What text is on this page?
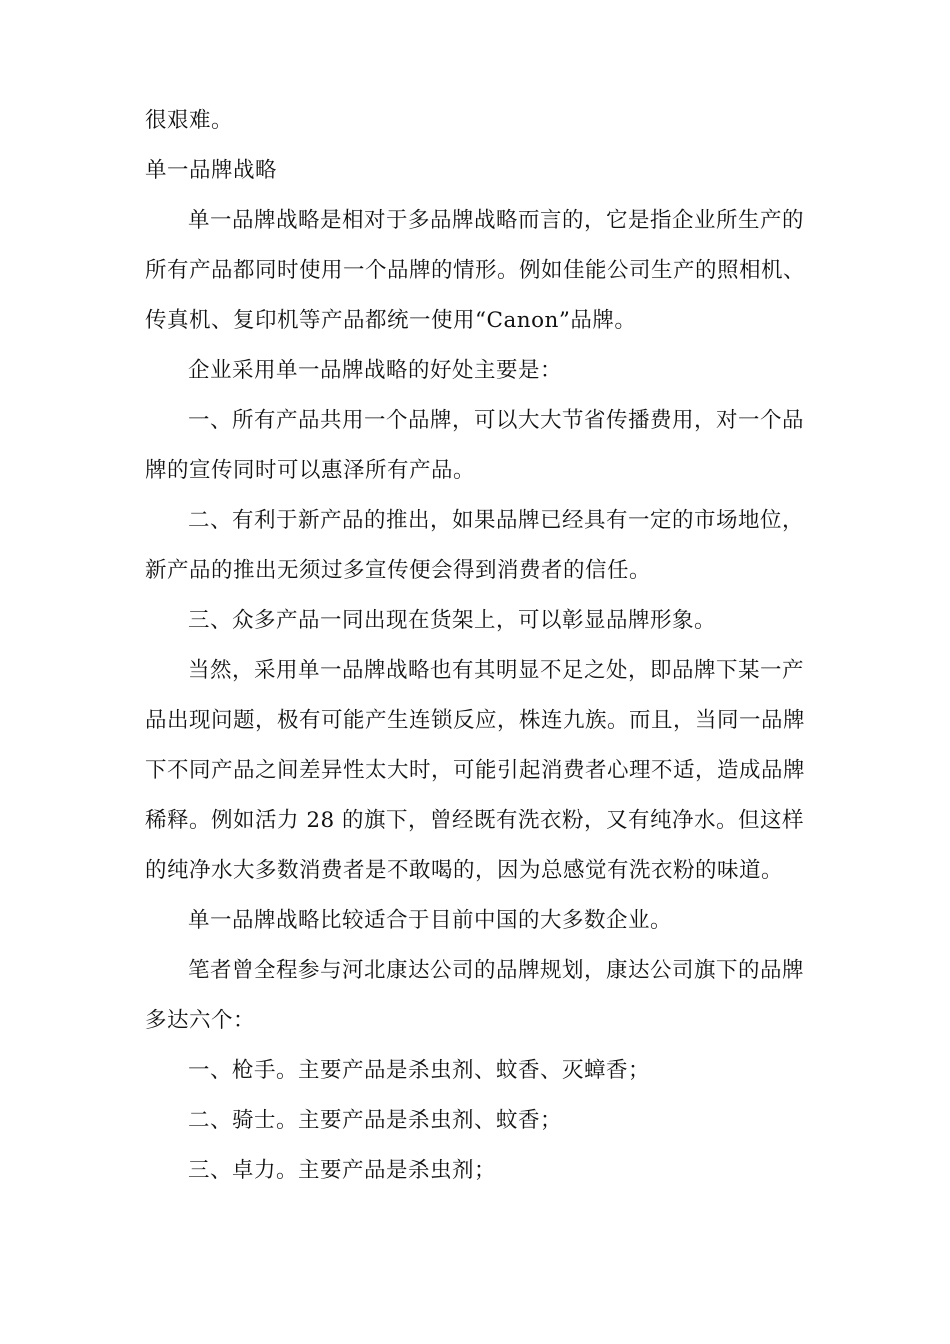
很艰难。
单一品牌战略
单一品牌战略是相对于多品牌战略而言的，它是指企业所生产的
所有产品都同时使用一个品牌的情形。例如佳能公司生产的照相机、
传真机、复印机等产品都统一使用“Canon”品牌。
企业采用单一品牌战略的好处主要是：
一、所有产品共用一个品牌，可以大大节省传播费用，对一个品
牌的宣传同时可以惠泽所有产品。
二、有利于新产品的推出，如果品牌已经具有一定的市场地位，
新产品的推出无须过多宣传便会得到消费者的信任。
三、众多产品一同出现在货架上，可以彰显品牌形象。
当然，采用单一品牌战略也有其明显不足之处，即品牌下某一产
品出现问题，极有可能产生连锁反应，株连九族。而且，当同一品牌
下不同产品之间差异性太大时，可能引起消费者心理不适，造成品牌
稀释。例如活力 28 的旗下，曾经既有洗衣粉，又有纯净水。但这样
的纯净水大多数消费者是不敢喝的，因为总感觉有洗衣粉的味道。
单一品牌战略比较适合于目前中国的大多数企业。
笔者曾全程参与河北康达公司的品牌规划，康达公司旗下的品牌
多达六个：
一、枪手。主要产品是杀虫剂、蚊香、灭蟑香；
二、骑士。主要产品是杀虫剂、蚊香；
三、卓力。主要产品是杀虫剂；
